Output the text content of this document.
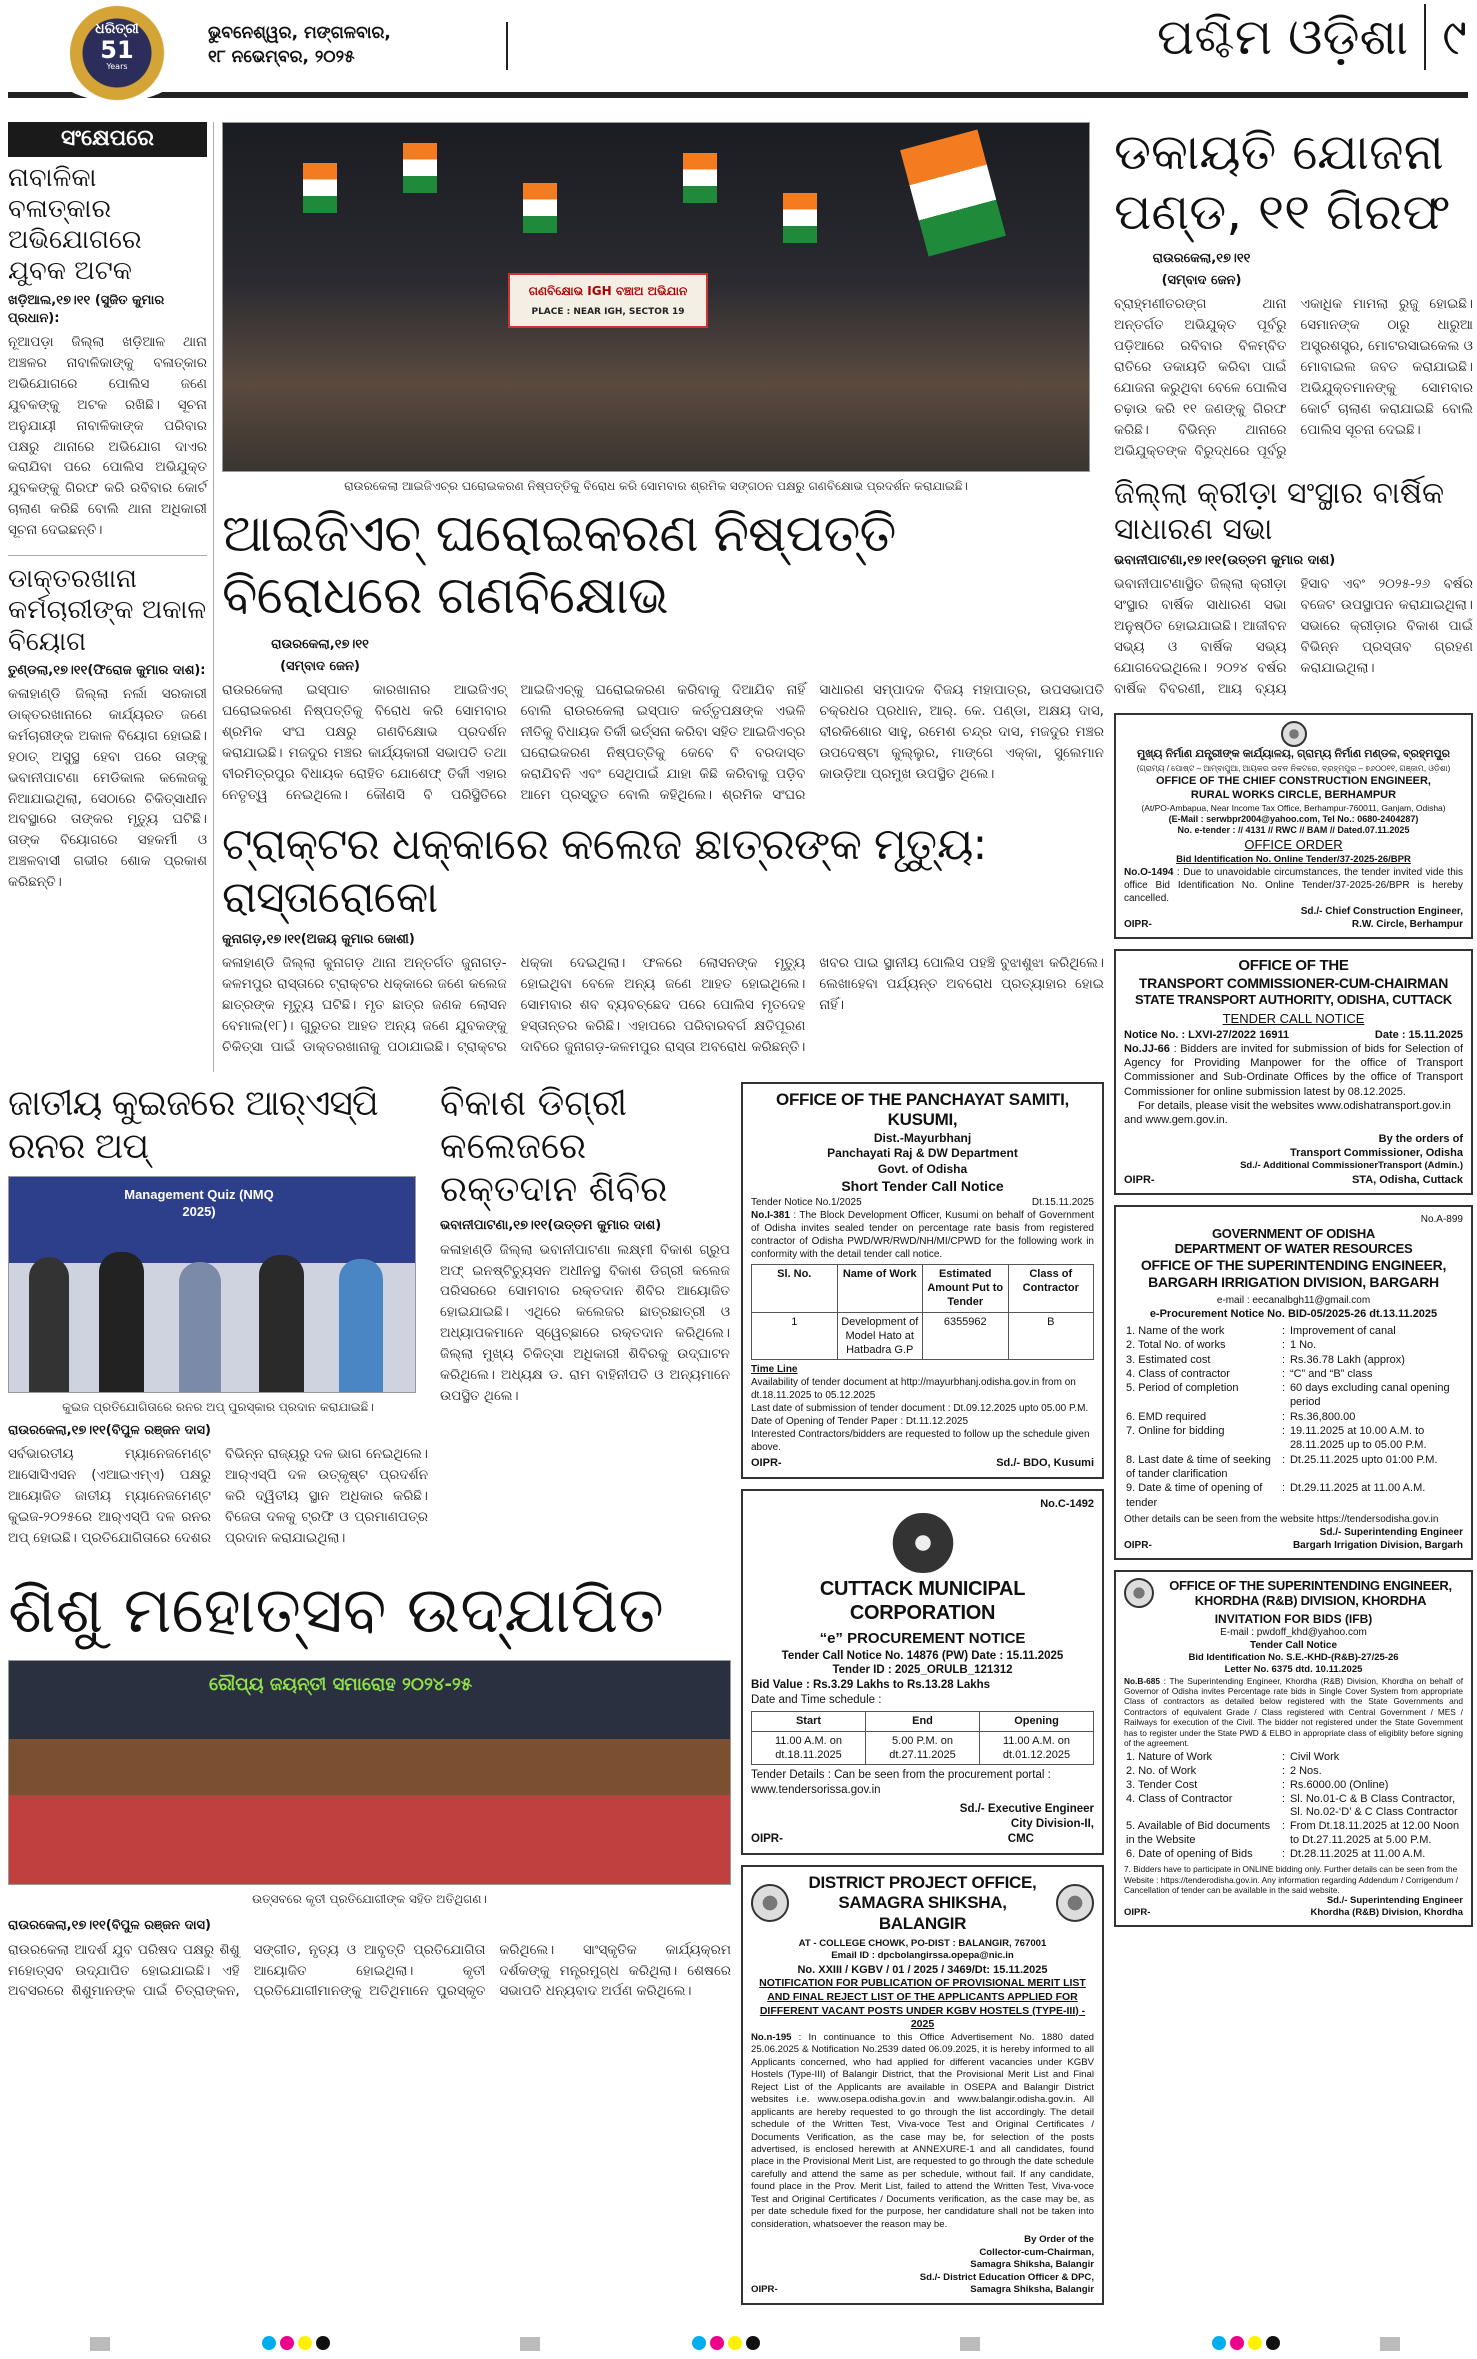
ଧରିତ୍ରୀ
51
Years
ଭୁବନେଶ୍ୱର, ମଙ୍ଗଳବାର,
୧୮ ନଭେମ୍ବର, ୨୦୨୫	ପଶ୍ଚିମ ଓଡ଼ିଶା ୯
ସଂକ୍ଷେପରେ
ନାବାଳିକା ବଳାତ୍କାର ଅଭିଯୋଗରେ ଯୁବକ ଅଟକ
ଖଡ଼ିଆଲ,୧୭।୧୧ (ସୁଜିତ କୁମାର ପ୍ରଧାନ):

ନୂଆପଡ଼ା ଜିଲ୍ଲା ଖଡ଼ିଆଳ ଥାନା ଅଞ୍ଚଳର ନାବାଳିକାଙ୍କୁ ବଳାତ୍କାର ଅଭିଯୋଗରେ ପୋଲିସ ଜଣେ ଯୁବକଙ୍କୁ ଅଟକ ରଖିଛି। ସୂଚନା ଅନୁଯାୟୀ ନାବାଳିକାଙ୍କ ପରିବାର ପକ୍ଷରୁ ଥାନାରେ ଅଭିଯୋଗ ଦାଏର କରାଯିବା ପରେ ପୋଲିସ ଅଭିଯୁକ୍ତ ଯୁବକଙ୍କୁ ଗିରଫ କରି ରବିବାର କୋର୍ଟ ଚାଲାଣ କରିଛି ବୋଲି ଥାନା ଅଧିକାରୀ ସୂଚନା ଦେଇଛନ୍ତି।

ଡାକ୍ତରଖାନା କର୍ମଚାରୀଙ୍କ ଅକାଳ ବିୟୋଗ
ତୁଣ୍ଡଲା,୧୭।୧୧(ଫିରୋଜ କୁମାର ଦାଶ):

କଳାହାଣ୍ଡି ଜିଲ୍ଲା ନର୍ଲା ସରକାରୀ ଡାକ୍ତରଖାନାରେ କାର୍ଯ୍ୟରତ ଜଣେ କର୍ମଚାରୀଙ୍କ ଅକାଳ ବିୟୋଗ ହୋଇଛି। ହଠାତ୍ ଅସୁସ୍ଥ ହେବା ପରେ ତାଙ୍କୁ ଭବାନୀପାଟଣା ମେଡିକାଲ କଲେଜକୁ ନିଆଯାଇଥିଲା, ସେଠାରେ ଚିକିତ୍ସାଧୀନ ଅବସ୍ଥାରେ ତାଙ୍କର ମୃତ୍ୟୁ ଘଟିଛି। ତାଙ୍କ ବିୟୋଗରେ ସହକର୍ମୀ ଓ ଅଞ୍ଚଳବାସୀ ଗଭୀର ଶୋକ ପ୍ରକାଶ କରିଛନ୍ତି।

ଗଣବିକ୍ଷୋଭ IGH ବଞ୍ଚାଅ ଅଭିଯାନ
PLACE : NEAR IGH, SECTOR 19

ରାଉରକେଲା ଆଇଜିଏଚ୍‌ର ଘରୋଇକରଣ ନିଷ୍ପତ୍ତିକୁ ବିରୋଧ କରି ସୋମବାର ଶ୍ରମିକ ସଙ୍ଗଠନ ପକ୍ଷରୁ ଗଣବିକ୍ଷୋଭ ପ୍ରଦର୍ଶନ କରାଯାଇଛି।

ଆଇଜିଏଚ୍ ଘରୋଇକରଣ ନିଷ୍ପତ୍ତି ବିରୋଧରେ ଗଣବିକ୍ଷୋଭ
ରାଉରକେଲା,୧୭।୧୧
(ସମ୍ବାଦ ଜେନ)

ରାଉରକେଲା ଇସ୍ପାତ କାରଖାନାର ଆଇଜିଏଚ୍ ଘରୋଇକରଣ ନିଷ୍ପତ୍ତିକୁ ବିରୋଧ କରି ସୋମବାର ଶ୍ରମିକ ସଂଘ ପକ୍ଷରୁ ଗଣବିକ୍ଷୋଭ ପ୍ରଦର୍ଶନ କରାଯାଇଛି। ମଜଦୁର ମଞ୍ଚର କାର୍ଯ୍ୟକାରୀ ସଭାପତି ତଥା ବୀରମିତ୍ରପୁର ବିଧାୟକ ରୋହିତ ଯୋଶେଫ୍ ତିର୍କୀ ଏହାର ନେତୃତ୍ୱ ନେଇଥିଲେ। କୌଣସି ବି ପରିସ୍ଥିତିରେ ଆଇଜିଏଚ୍‌କୁ ଘରୋଇକରଣ କରିବାକୁ ଦିଆଯିବ ନାହିଁ ବୋଲି ରାଉରକେଲା ଇସ୍ପାତ କର୍ତ୍ତୃପକ୍ଷଙ୍କ ଏଭଳି ନୀତିକୁ ବିଧାୟକ ତିର୍କୀ ଭର୍ତ୍ସନା କରିବା ସହିତ ଆଇଜିଏଚ୍‌ର ଘରୋଇକରଣ ନିଷ୍ପତ୍ତିକୁ କେବେ ବି ବରଦାସ୍ତ କରାଯିବନି ଏବଂ ସେଥିପାଇଁ ଯାହା କିଛି କରିବାକୁ ପଡ଼ିବ ଆମେ ପ୍ରସ୍ତୁତ ବୋଲି କହିଥିଲେ। ଶ୍ରମିକ ସଂଘର ସାଧାରଣ ସମ୍ପାଦକ ବିଜୟ ମହାପାତ୍ର, ଉପସଭାପତି ଚକ୍ରଧର ପ୍ରଧାନ, ଆର୍. କେ. ପଣ୍ଡା, ଅକ୍ଷୟ ଦାସ, ବୀରକିଶୋର ସାହୁ, ରମେଶ ଚନ୍ଦ୍ର ଦାସ, ମଜଦୁର ମଞ୍ଚର ଉପଦେଷ୍ଟା କୁଲ୍ଲୁର, ମାଙ୍ଗେ ଏକ୍କା, ସୁଲେମାନ କାଉଡ଼ିଆ ପ୍ରମୁଖ ଉପସ୍ଥିତ ଥିଲେ।

ଟ୍ରାକ୍ଟର ଧକ୍କାରେ କଲେଜ ଛାତ୍ରଙ୍କ ମୃତ୍ୟୁ: ରାସ୍ତାରୋକୋ
କୁନାଗଡ଼,୧୭।୧୧(ଅଜୟ କୁମାର ଜୋଶୀ)

କଳାହାଣ୍ଡି ଜିଲ୍ଲା କୁନାଗଡ଼ ଥାନା ଅନ୍ତର୍ଗତ ଜୁନାଗଡ଼-କଳମପୁର ରାସ୍ତାରେ ଟ୍ରାକ୍ଟର ଧକ୍କାରେ ଜଣେ କଲେଜ ଛାତ୍ରଙ୍କ ମୃତ୍ୟୁ ଘଟିଛି। ମୃତ ଛାତ୍ର ଜଣକ ଲୋସନ ବେମାଲ(୧୮)। ଗୁରୁତର ଆହତ ଅନ୍ୟ ଜଣେ ଯୁବକଙ୍କୁ ଚିକିତ୍ସା ପାଇଁ ଡାକ୍ତରଖାନାକୁ ପଠାଯାଇଛି। ଟ୍ରାକ୍ଟର ଧକ୍କା ଦେଇଥିଲା। ଫଳରେ ଲୋସନଙ୍କ ମୃତ୍ୟୁ ହୋଇଥିବା ବେଳେ ଅନ୍ୟ ଜଣେ ଆହତ ହୋଇଥିଲେ। ସୋମବାର ଶବ ବ୍ୟବଚ୍ଛେଦ ପରେ ପୋଲିସ ମୃତଦେହ ହସ୍ତାନ୍ତର କରିଛି। ଏହାପରେ ପରିବାରବର୍ଗ କ୍ଷତିପୂରଣ ଦାବିରେ ଜୁନାଗଡ଼-କଳମପୁର ରାସ୍ତା ଅବରୋଧ କରିଛନ୍ତି। ଖବର ପାଇ ସ୍ଥାନୀୟ ପୋଲିସ ପହଞ୍ଚି ବୁଝାଶୁଝା କରିଥିଲେ। ଲେଖାହେବା ପର୍ଯ୍ୟନ୍ତ ଅବରୋଧ ପ୍ରତ୍ୟାହାର ହୋଇ ନାହିଁ।

ଜାତୀୟ କୁଇଜରେ ଆର୍‌ଏସ୍‌ପି ରନର ଅପ୍
Management Quiz (NMQ 2025)

କୁଇଜ ପ୍ରତିଯୋଗିତାରେ ରନର ଅପ୍ ପୁରସ୍କାର ପ୍ରଦାନ କରାଯାଇଛି।

ରାଉରକେଲା,୧୭।୧୧(ବିପୁଳ ରଞ୍ଜନ ଦାସ)

ସର୍ବଭାରତୀୟ ମ୍ୟାନେଜମେଣ୍ଟ ଆସୋସିଏସନ (ଏଆଇଏମ୍‌ଏ) ପକ୍ଷରୁ ଆୟୋଜିତ ଜାତୀୟ ମ୍ୟାନେଜମେଣ୍ଟ କୁଇଜ-୨୦୨୫ରେ ଆର୍‌ଏସ୍‌ପି ଦଳ ରନର ଅପ୍ ହୋଇଛି। ପ୍ରତିଯୋଗିତାରେ ଦେଶର ବିଭିନ୍ନ ରାଜ୍ୟରୁ ଦଳ ଭାଗ ନେଇଥିଲେ। ଆର୍‌ଏସ୍‌ପି ଦଳ ଉତ୍କୃଷ୍ଟ ପ୍ରଦର୍ଶନ କରି ଦ୍ୱିତୀୟ ସ୍ଥାନ ଅଧିକାର କରିଛି। ବିଜେତା ଦଳକୁ ଟ୍ରଫି ଓ ପ୍ରମାଣପତ୍ର ପ୍ରଦାନ କରାଯାଇଥିଲା।

ବିକାଶ ଡିଗ୍ରୀ କଲେଜରେ ରକ୍ତଦାନ ଶିବିର
ଭବାନୀପାଟଣା,୧୭।୧୧(ଉତ୍ତମ କୁମାର ଦାଶ)

କଳାହାଣ୍ଡି ଜିଲ୍ଲା ଭବାନୀପାଟଣା ଲକ୍ଷ୍ମୀ ବିକାଶ ଗ୍ରୁପ ଅଫ୍ ଇନଷ୍ଟିଚ୍ୟୁସନ ଅଧୀନସ୍ଥ ବିକାଶ ଡିଗ୍ରୀ କଲେଜ ପରିସରରେ ସୋମବାର ରକ୍ତଦାନ ଶିବିର ଆୟୋଜିତ ହୋଇଯାଇଛି। ଏଥିରେ କଲେଜର ଛାତ୍ରଛାତ୍ରୀ ଓ ଅଧ୍ୟାପକମାନେ ସ୍ୱେଚ୍ଛାରେ ରକ୍ତଦାନ କରିଥିଲେ। ଜିଲ୍ଲା ମୁଖ୍ୟ ଚିକିତ୍ସା ଅଧିକାରୀ ଶିବିରକୁ ଉଦ୍‌ଘାଟନ କରିଥିଲେ। ଅଧ୍ୟକ୍ଷ ଡ. ରାମ ବାହିନୀପତି ଓ ଅନ୍ୟମାନେ ଉପସ୍ଥିତ ଥିଲେ।

ଶିଶୁ ମହୋତ୍ସବ ଉଦ୍‌ଯାପିତ
ରୌପ୍ୟ ଜୟନ୍ତୀ ସମାରୋହ ୨୦୨୪-୨୫

ଉତ୍ସବରେ କୃତୀ ପ୍ରତିଯୋଗୀଙ୍କ ସହିତ ଅତିଥିଗଣ।

ରାଉରକେଲା,୧୭।୧୧(ବିପୁଳ ରଞ୍ଜନ ଦାସ)

ରାଉରକେଲା ଆଦର୍ଶ ଯୁବ ପରିଷଦ ପକ୍ଷରୁ ଶିଶୁ ମହୋତ୍ସବ ଉଦ୍‌ଯାପିତ ହୋଇଯାଇଛି। ଏହି ଅବସରରେ ଶିଶୁମାନଙ୍କ ପାଇଁ ଚିତ୍ରାଙ୍କନ, ସଙ୍ଗୀତ, ନୃତ୍ୟ ଓ ଆବୃତ୍ତି ପ୍ରତିଯୋଗିତା ଆୟୋଜିତ ହୋଇଥିଲା। କୃତୀ ପ୍ରତିଯୋଗୀମାନଙ୍କୁ ଅତିଥିମାନେ ପୁରସ୍କୃତ କରିଥିଲେ। ସାଂସ୍କୃତିକ କାର୍ଯ୍ୟକ୍ରମ ଦର୍ଶକଙ୍କୁ ମନ୍ତ୍ରମୁଗ୍ଧ କରିଥିଲା। ଶେଷରେ ସଭାପତି ଧନ୍ୟବାଦ ଅର୍ପଣ କରିଥିଲେ।

OFFICE OF THE PANCHAYAT SAMITI, KUSUMI,
Dist.-Mayurbhanj
Panchayati Raj & DW Department
Govt. of Odisha
Short Tender Call Notice
Tender Notice No.1/2025	Dt.15.11.2025

No.I-381 : The Block Development Officer, Kusumi on behalf of Government of Odisha invites sealed tender on percentage rate basis from registered contractor of Odisha PWD/WR/RWD/NH/MI/CPWD for the following work in conformity with the detail tender call notice.

Sl. No.	Name of Work	Estimated Amount Put to Tender	Class of Contractor
1	Development of Model Hato at Hatbadra G.P	6355962	B
Time Line
Availability of tender document at http://mayurbhanj.odisha.gov.in from on dt.18.11.2025 to 05.12.2025
Last date of submission of tender document : Dt.09.12.2025 upto 05.00 P.M.
Date of Opening of Tender Paper : Dt.11.12.2025
Interested Contractors/bidders are requested to follow up the schedule given above.
OIPR-	Sd./- BDO, Kusumi
No.C-1492
CUTTACK MUNICIPAL CORPORATION
“e” PROCUREMENT NOTICE
Tender Call Notice No. 14876 (PW) Date : 15.11.2025
Tender ID : 2025_ORULB_121312
Bid Value : Rs.3.29 Lakhs to Rs.13.28 Lakhs
Date and Time schedule :
Start	End	Opening
11.00 A.M. on dt.18.11.2025	5.00 P.M. on dt.27.11.2025	11.00 A.M. on dt.01.12.2025
Tender Details : Can be seen from the procurement portal : www.tendersorissa.gov.in
Sd./- Executive Engineer
City Division-II,
OIPR-	CMC
DISTRICT PROJECT OFFICE,
SAMAGRA SHIKSHA, BALANGIR
AT - COLLEGE CHOWK, PO-DIST : BALANGIR, 767001
Email ID : dpcbolangirssa.opepa@nic.in
No. XXIII / KGBV / 01 / 2025 / 3469/Dt: 15.11.2025
NOTIFICATION FOR PUBLICATION OF PROVISIONAL MERIT LIST AND FINAL REJECT LIST OF THE APPLICANTS APPLIED FOR DIFFERENT VACANT POSTS UNDER KGBV HOSTELS (TYPE-III) - 2025

No.n-195 : In continuance to this Office Advertisement No. 1880 dated 25.06.2025 & Notification No.2539 dated 06.09.2025, it is hereby informed to all Applicants concerned, who had applied for different vacancies under KGBV Hostels (Type-III) of Balangir District, that the Provisional Merit List and Final Reject List of the Applicants are available in OSEPA and Balangir District websites i.e. www.osepa.odisha.gov.in and www.balangir.odisha.gov.in. All applicants are hereby requested to go through the list accordingly. The detail schedule of the Written Test, Viva-voce Test and Original Certificates / Documents Verification, as the case may be, for selection of the posts advertised, is enclosed herewith at ANNEXURE-1 and all candidates, found place in the Provisional Merit List, are requested to go through the date schedule carefully and attend the same as per schedule, without fail. If any candidate, found place in the Prov. Merit List, failed to attend the Written Test, Viva-voce Test and Original Certificates / Documents verification, as the case may be, as per date schedule fixed for the purpose, her candidature shall not be taken into consideration, whatsoever the reason may be.

By Order of the
Collector-cum-Chairman,
Samagra Shiksha, Balangir
Sd./- District Education Officer & DPC,
OIPR-	Samagra Shiksha, Balangir
ଡକାୟତି ଯୋଜନା ପଣ୍ଡ, ୧୧ ଗିରଫ
ରାଉରକେଲା,୧୭।୧୧
(ସମ୍ବାଦ ଜେନ)

ବ୍ରାହ୍ମଣୀତରଙ୍ଗ ଥାନା ଅନ୍ତର୍ଗତ ଅଭିଯୁକ୍ତ ପୂର୍ବରୁ ପଡ଼ିଆରେ ରବିବାର ବିଳମ୍ବିତ ରାତିରେ ଡକାୟତି କରିବା ପାଇଁ ଯୋଜନା କରୁଥିବା ବେଳେ ପୋଲିସ ଚଢ଼ାଉ କରି ୧୧ ଜଣଙ୍କୁ ଗିରଫ କରିଛି। ବିଭିନ୍ନ ଥାନାରେ ଅଭିଯୁକ୍ତଙ୍କ ବିରୁଦ୍ଧରେ ପୂର୍ବରୁ ଏକାଧିକ ମାମଲା ରୁଜୁ ହୋଇଛି। ସେମାନଙ୍କ ଠାରୁ ଧାରୁଆ ଅସ୍ତ୍ରଶସ୍ତ୍ର, ମୋଟରସାଇକେଲ ଓ ମୋବାଇଲ ଜବତ କରାଯାଇଛି। ଅଭିଯୁକ୍ତମାନଙ୍କୁ ସୋମବାର କୋର୍ଟ ଚାଲାଣ କରାଯାଇଛି ବୋଲି ପୋଲିସ ସୂଚନା ଦେଇଛି।

ଜିଲ୍ଲା କ୍ରୀଡ଼ା ସଂସ୍ଥାର ବାର୍ଷିକ ସାଧାରଣ ସଭା
ଭବାନୀପାଟଣା,୧୭।୧୧(ଉତ୍ତମ କୁମାର ଦାଶ)

ଭବାନୀପାଟଣାସ୍ଥିତ ଜିଲ୍ଲା କ୍ରୀଡ଼ା ସଂସ୍ଥାର ବାର୍ଷିକ ସାଧାରଣ ସଭା ଅନୁଷ୍ଠିତ ହୋଇଯାଇଛି। ଆଜୀବନ ସଭ୍ୟ ଓ ବାର୍ଷିକ ସଭ୍ୟ ଯୋଗଦେଇଥିଲେ। ୨୦୨୪ ବର୍ଷର ବାର୍ଷିକ ବିବରଣୀ, ଆୟ ବ୍ୟୟ ହିସାବ ଏବଂ ୨୦୨୫-୨୬ ବର୍ଷର ବଜେଟ ଉପସ୍ଥାପନ କରାଯାଇଥିଲା। ସଭାରେ କ୍ରୀଡ଼ାର ବିକାଶ ପାଇଁ ବିଭିନ୍ନ ପ୍ରସ୍ତାବ ଗ୍ରହଣ କରାଯାଇଥିଲା।

ମୁଖ୍ୟ ନିର୍ମାଣ ଯନ୍ତ୍ରୀଙ୍କ କାର୍ଯ୍ୟାଳୟ, ଗ୍ରାମ୍ୟ ନିର୍ମାଣ ମଣ୍ଡଳ, ବ୍ରହ୍ମପୁର
(ଗ୍ରାମ୍ୟ / ପୋଷ୍ଟ – ଆମ୍ବାପୁଆ, ଆୟକର ଭବନ ନିକଟରେ, ବ୍ରହ୍ମପୁର – ୭୬୦୦୧୧, ଗଞ୍ଜାମ, ଓଡ଼ିଶା)
OFFICE OF THE CHIEF CONSTRUCTION ENGINEER,
RURAL WORKS CIRCLE, BERHAMPUR
(At/PO-Ambapua, Near Income Tax Office, Berhampur-760011, Ganjam, Odisha)
(E-Mail : serwbpr2004@yahoo.com, Tel No.: 0680-2404287)
No. e-tender : // 4131 // RWC // BAM // Dated.07.11.2025
OFFICE ORDER
Bid Identification No. Online Tender/37-2025-26/BPR

No.O-1494 : Due to unavoidable circumstances, the tender invited vide this office Bid Identification No. Online Tender/37-2025-26/BPR is hereby cancelled.

Sd./- Chief Construction Engineer,
OIPR-	R.W. Circle, Berhampur
OFFICE OF THE
TRANSPORT COMMISSIONER-CUM-CHAIRMAN
STATE TRANSPORT AUTHORITY, ODISHA, CUTTACK
TENDER CALL NOTICE
Notice No. : LXVI-27/2022 16911	Date : 15.11.2025

No.JJ-66 : Bidders are invited for submission of bids for Selection of Agency for Providing Manpower for the office of Transport Commissioner and Sub-Ordinate Offices by the office of Transport Commissioner for online submission latest by 08.12.2025.

For details, please visit the websites www.odishatransport.gov.in and www.gem.gov.in.

By the orders of
Transport Commissioner, Odisha
Sd./- Additional CommissionerTransport (Admin.)
OIPR-	STA, Odisha, Cuttack
No.A-899
GOVERNMENT OF ODISHA
DEPARTMENT OF WATER RESOURCES
OFFICE OF THE SUPERINTENDING ENGINEER,
BARGARH IRRIGATION DIVISION, BARGARH
e-mail : eecanalbgh11@gmail.com
e-Procurement Notice No. BID-05/2025-26 dt.13.11.2025
1. Name of the work	:	Improvement of canal
2. Total No. of works	:	1 No.
3. Estimated cost	:	Rs.36.78 Lakh (approx)
4. Class of contractor	:	“C” and “B” class
5. Period of completion	:	60 days excluding canal opening period
6. EMD required	:	Rs.36,800.00
7. Online for bidding	:	19.11.2025 at 10.00 A.M. to 28.11.2025 up to 05.00 P.M.
8. Last date & time of seeking of tander clarification	:	Dt.25.11.2025 upto 01:00 P.M.
9. Date & time of opening of tender	:	Dt.29.11.2025 at 11.00 A.M.
Other details can be seen from the website https://tendersodisha.gov.in
Sd./- Superintending Engineer
OIPR-	Bargarh Irrigation Division, Bargarh
OFFICE OF THE SUPERINTENDING ENGINEER,
KHORDHA (R&B) DIVISION, KHORDHA
INVITATION FOR BIDS (IFB)
E-mail : pwdoff_khd@yahoo.com
Tender Call Notice
Bid Identification No. S.E.-KHD-(R&B)-27/25-26
Letter No. 6375 dtd. 10.11.2025

No.B-685 : The Superintending Engineer, Khordha (R&B) Division, Khordha on behalf of Governor of Odisha invites Percentage rate bids in Single Cover System from appropriate Class of contractors as detailed below registered with the State Governments and Contractors of equivalent Grade / Class registered with Central Government / MES / Railways for execution of the Civil. The bidder not registered under the State Government has to register under the State PWD & ELBO in appropriate class of eligiblity before signing of the agreement.

1. Nature of Work	:	Civil Work
2. No. of Work	:	2 Nos.
3. Tender Cost	:	Rs.6000.00 (Online)
4. Class of Contractor	:	Sl. No.01-C & B Class Contractor, Sl. No.02-‘D’ & C Class Contractor
5. Available of Bid documents in the Website	:	From Dt.18.11.2025 at 12.00 Noon to Dt.27.11.2025 at 5.00 P.M.
6. Date of opening of Bids	:	Dt.28.11.2025 at 11.00 A.M.
7. Bidders have to participate in ONLINE bidding only. Further details can be seen from the Website : https://tenderodisha.gov.in. Any information regarding Addendum / Corrigendum / Cancellation of tender can be available in the said website.
Sd./- Superintending Engineer
OIPR-	Khordha (R&B) Division, Khordha
